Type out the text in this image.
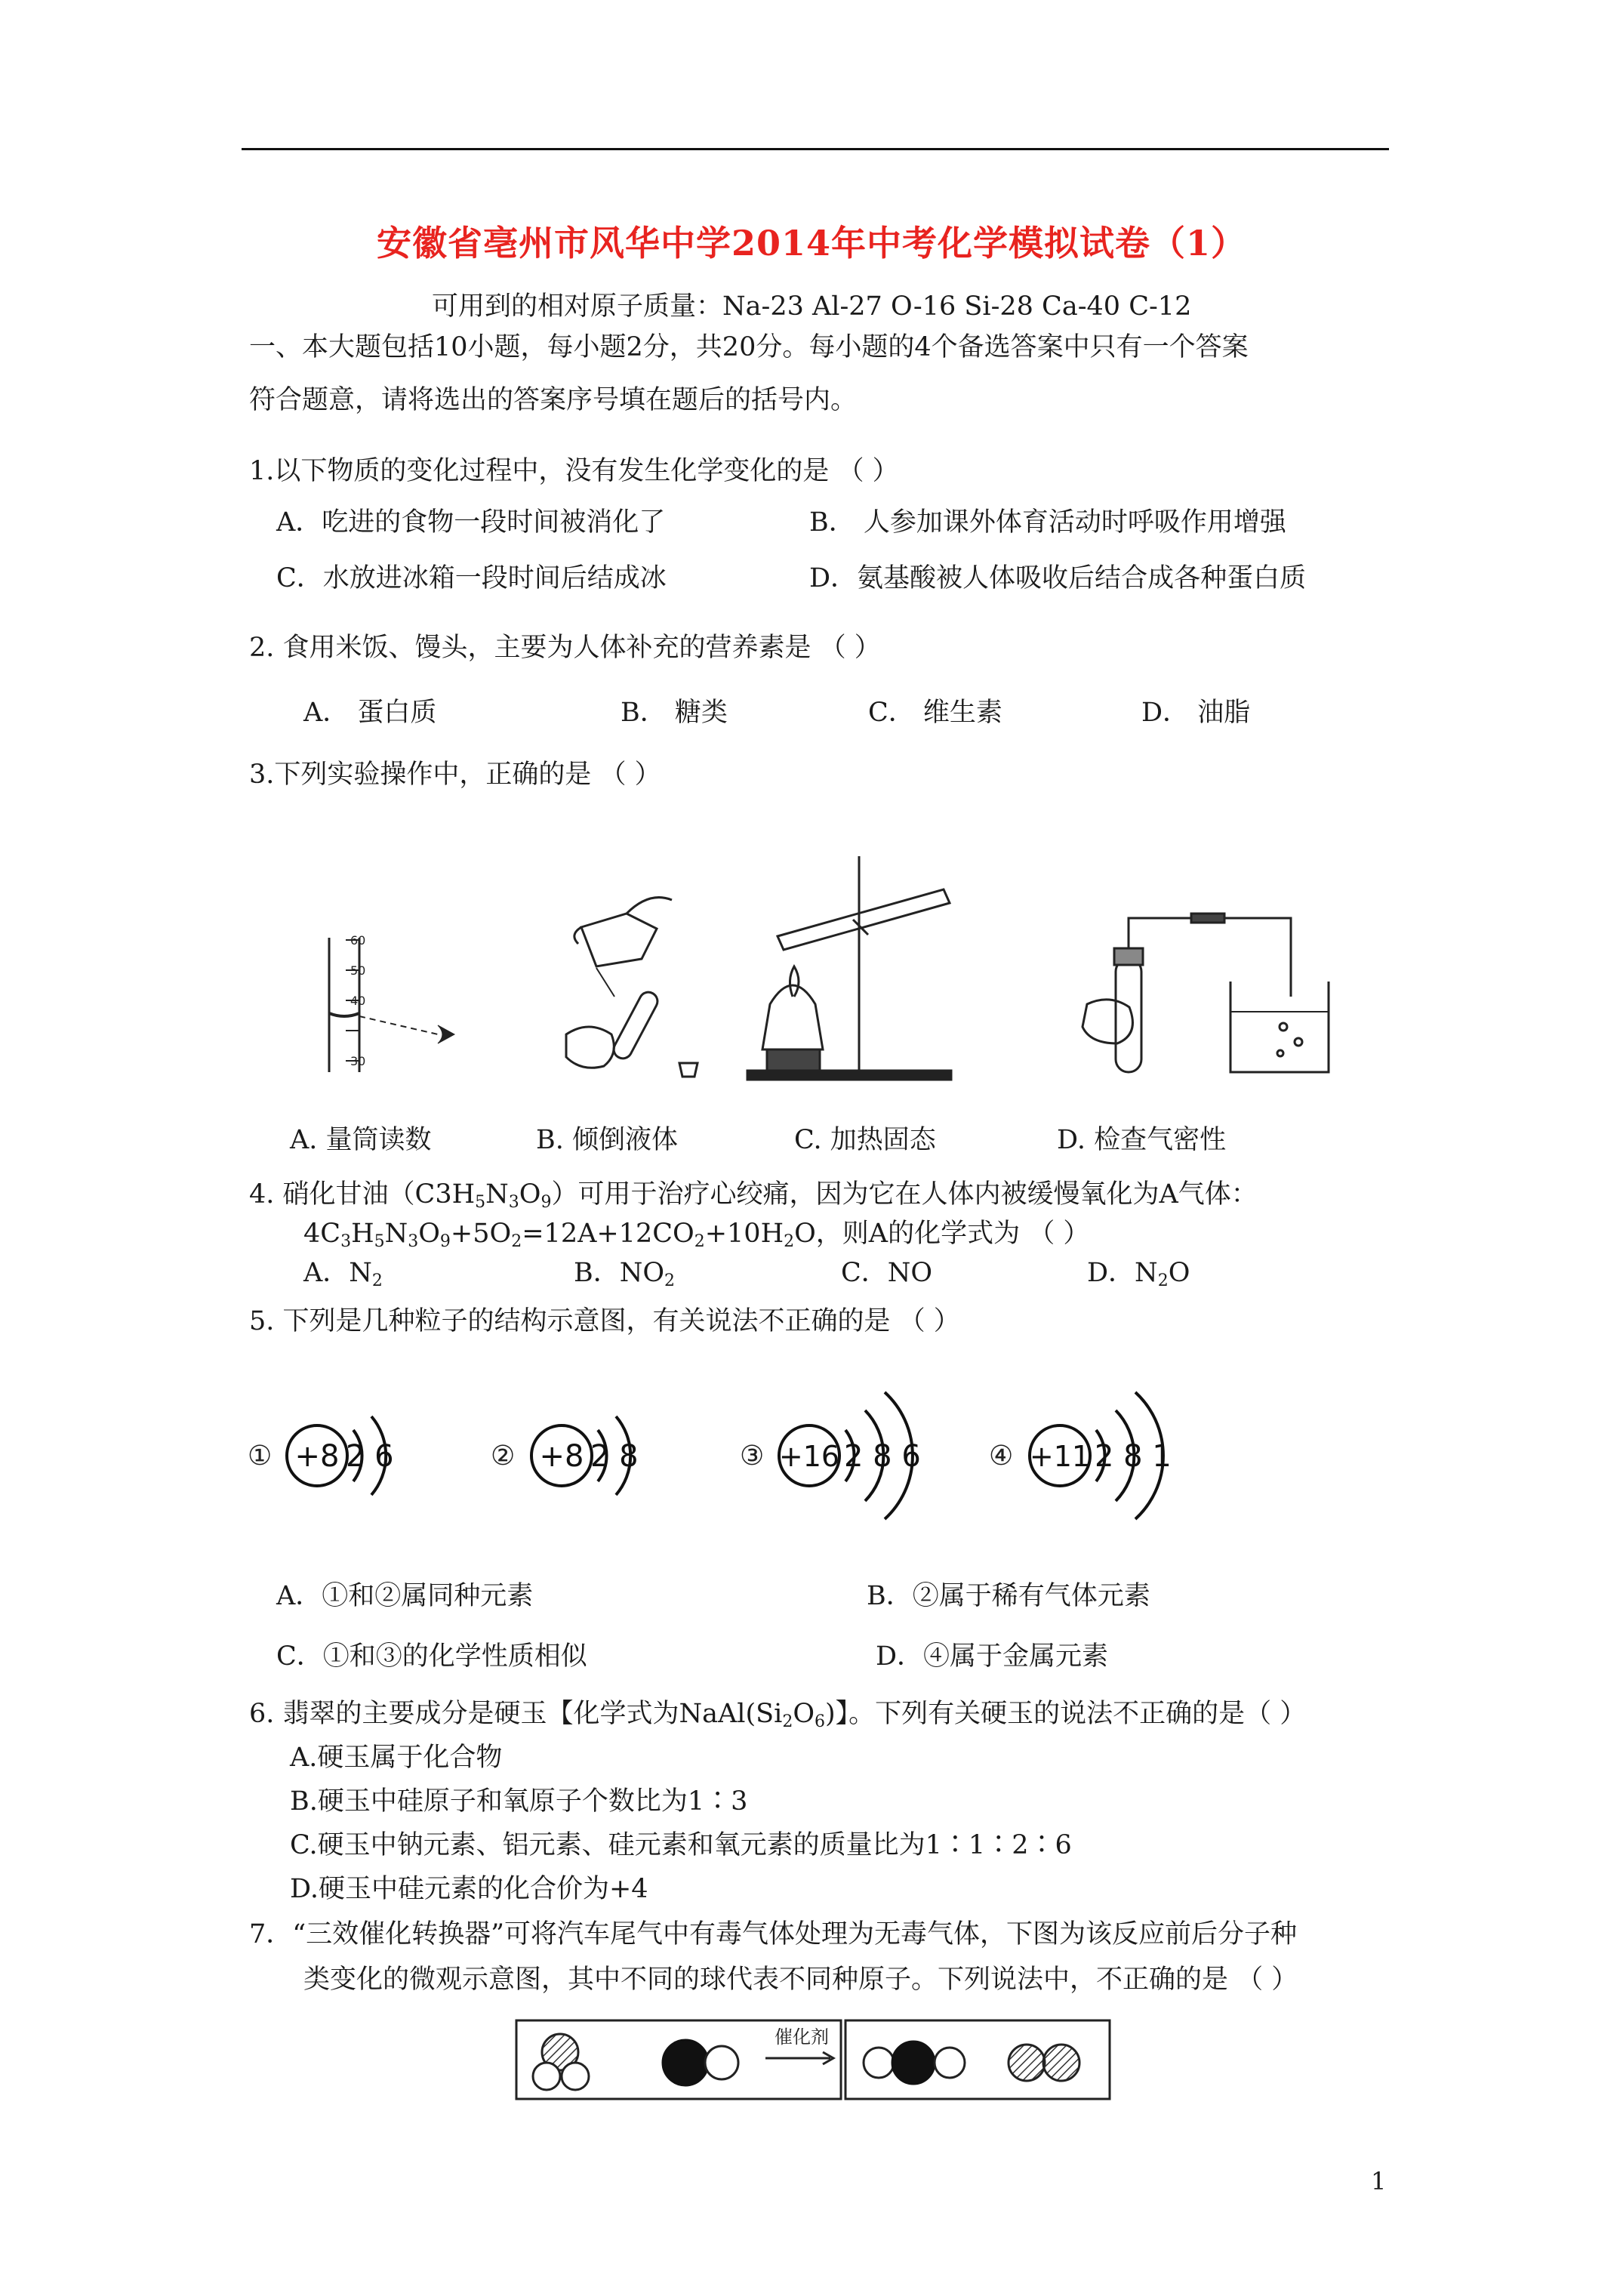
安徽省亳州市风华中学2014年中考化学模拟试卷（1）
可用到的相对原子质量：Na-23 Al-27 O-16 Si-28 Ca-40 C-12
一、本大题包括10小题，每小题2分，共20分。每小题的4个备选答案中只有一个答案
符合题意，请将选出的答案序号填在题后的括号内。
1.以下物质的变化过程中，没有发生化学变化的是 （ ）
A．吃进的食物一段时间被消化了	B． 人参加课外体育活动时呼吸作用增强
C．水放进冰箱一段时间后结成冰	D．氨基酸被人体吸收后结合成各种蛋白质
2. 食用米饭、馒头，主要为人体补充的营养素是 （ ）
A． 蛋白质	B． 糖类	C． 维生素	D． 油脂
3.下列实验操作中，正确的是 （ ）
60
50
40
30
A. 量筒读数	B. 倾倒液体	C. 加热固态	D. 检查气密性
4. 硝化甘油$(C3H_5N_3O_9)$可用于治疗心绞痛，因为它在人体内被缓慢氧化为A气体：
$4C_3H_5N_3O_9+5O_2=12A+12CO_2+10H_2O$，则A的化学式为 （ ）
A．$N_2$	B．$NO_2$	C．NO	D．$N_2O$
5. 下列是几种粒子的结构示意图，有关说法不正确的是 （ ）
① +8 2 6	② +8 2 8	③ +16 2 8 6	④ +11 2 8 1
A．①和②属同种元素	B．②属于稀有气体元素
C．①和③的化学性质相似	D．④属于金属元素
6. 翡翠的主要成分是硬玉【化学式为$NaAl(Si_2O_6)$】。下列有关硬玉的说法不正确的是（ ）
A.硬玉属于化合物
B.硬玉中硅原子和氧原子个数比为1∶3
C.硬玉中钠元素、铝元素、硅元素和氧元素的质量比为1∶1∶2∶6
D.硬玉中硅元素的化合价为+4
7．“三效催化转换器”可将汽车尾气中有毒气体处理为无毒气体，下图为该反应前后分子种
类变化的微观示意图，其中不同的球代表不同种原子。下列说法中，不正确的是 （ ）
催化剂
1
